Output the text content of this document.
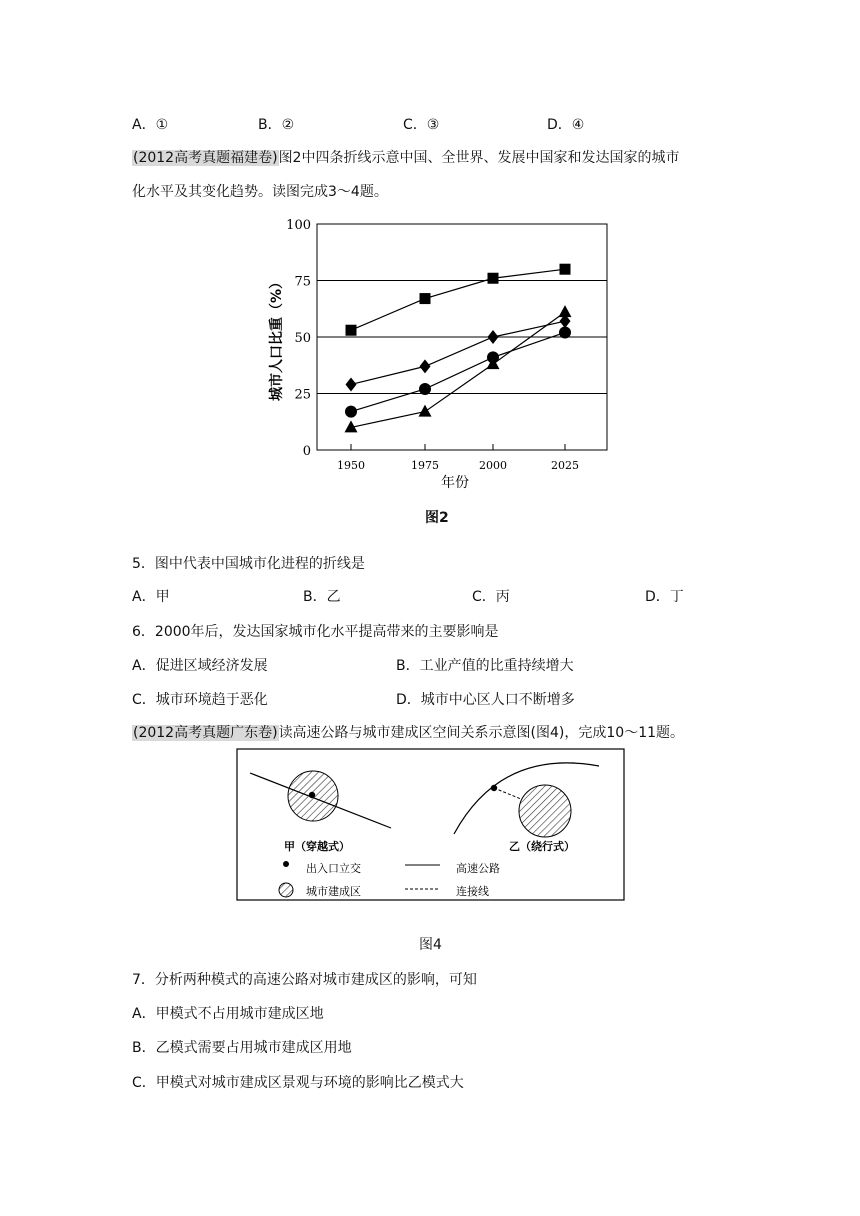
A．①	B．②	C．③	D．④
(2012高考真题福建卷)图2中四条折线示意中国、全世界、发展中国家和发达国家的城市
化水平及其变化趋势。读图完成3～4题。
0
25
50
75
100
1950	1975	2000	2025
年份
城市人口比重（%）
图2
5．图中代表中国城市化进程的折线是
A．甲	B．乙	C．丙	D．丁
6．2000年后，发达国家城市化水平提高带来的主要影响是
A．促进区域经济发展	B．工业产值的比重持续增大
C．城市环境趋于恶化	D．城市中心区人口不断增多
(2012高考真题广东卷)读高速公路与城市建成区空间关系示意图(图4)，完成10～11题。
甲（穿越式）	乙（绕行式）
出入口立交
城市建成区
高速公路
连接线
图4
7．分析两种模式的高速公路对城市建成区的影响，可知
A．甲模式不占用城市建成区地
B．乙模式需要占用城市建成区用地
C．甲模式对城市建成区景观与环境的影响比乙模式大
